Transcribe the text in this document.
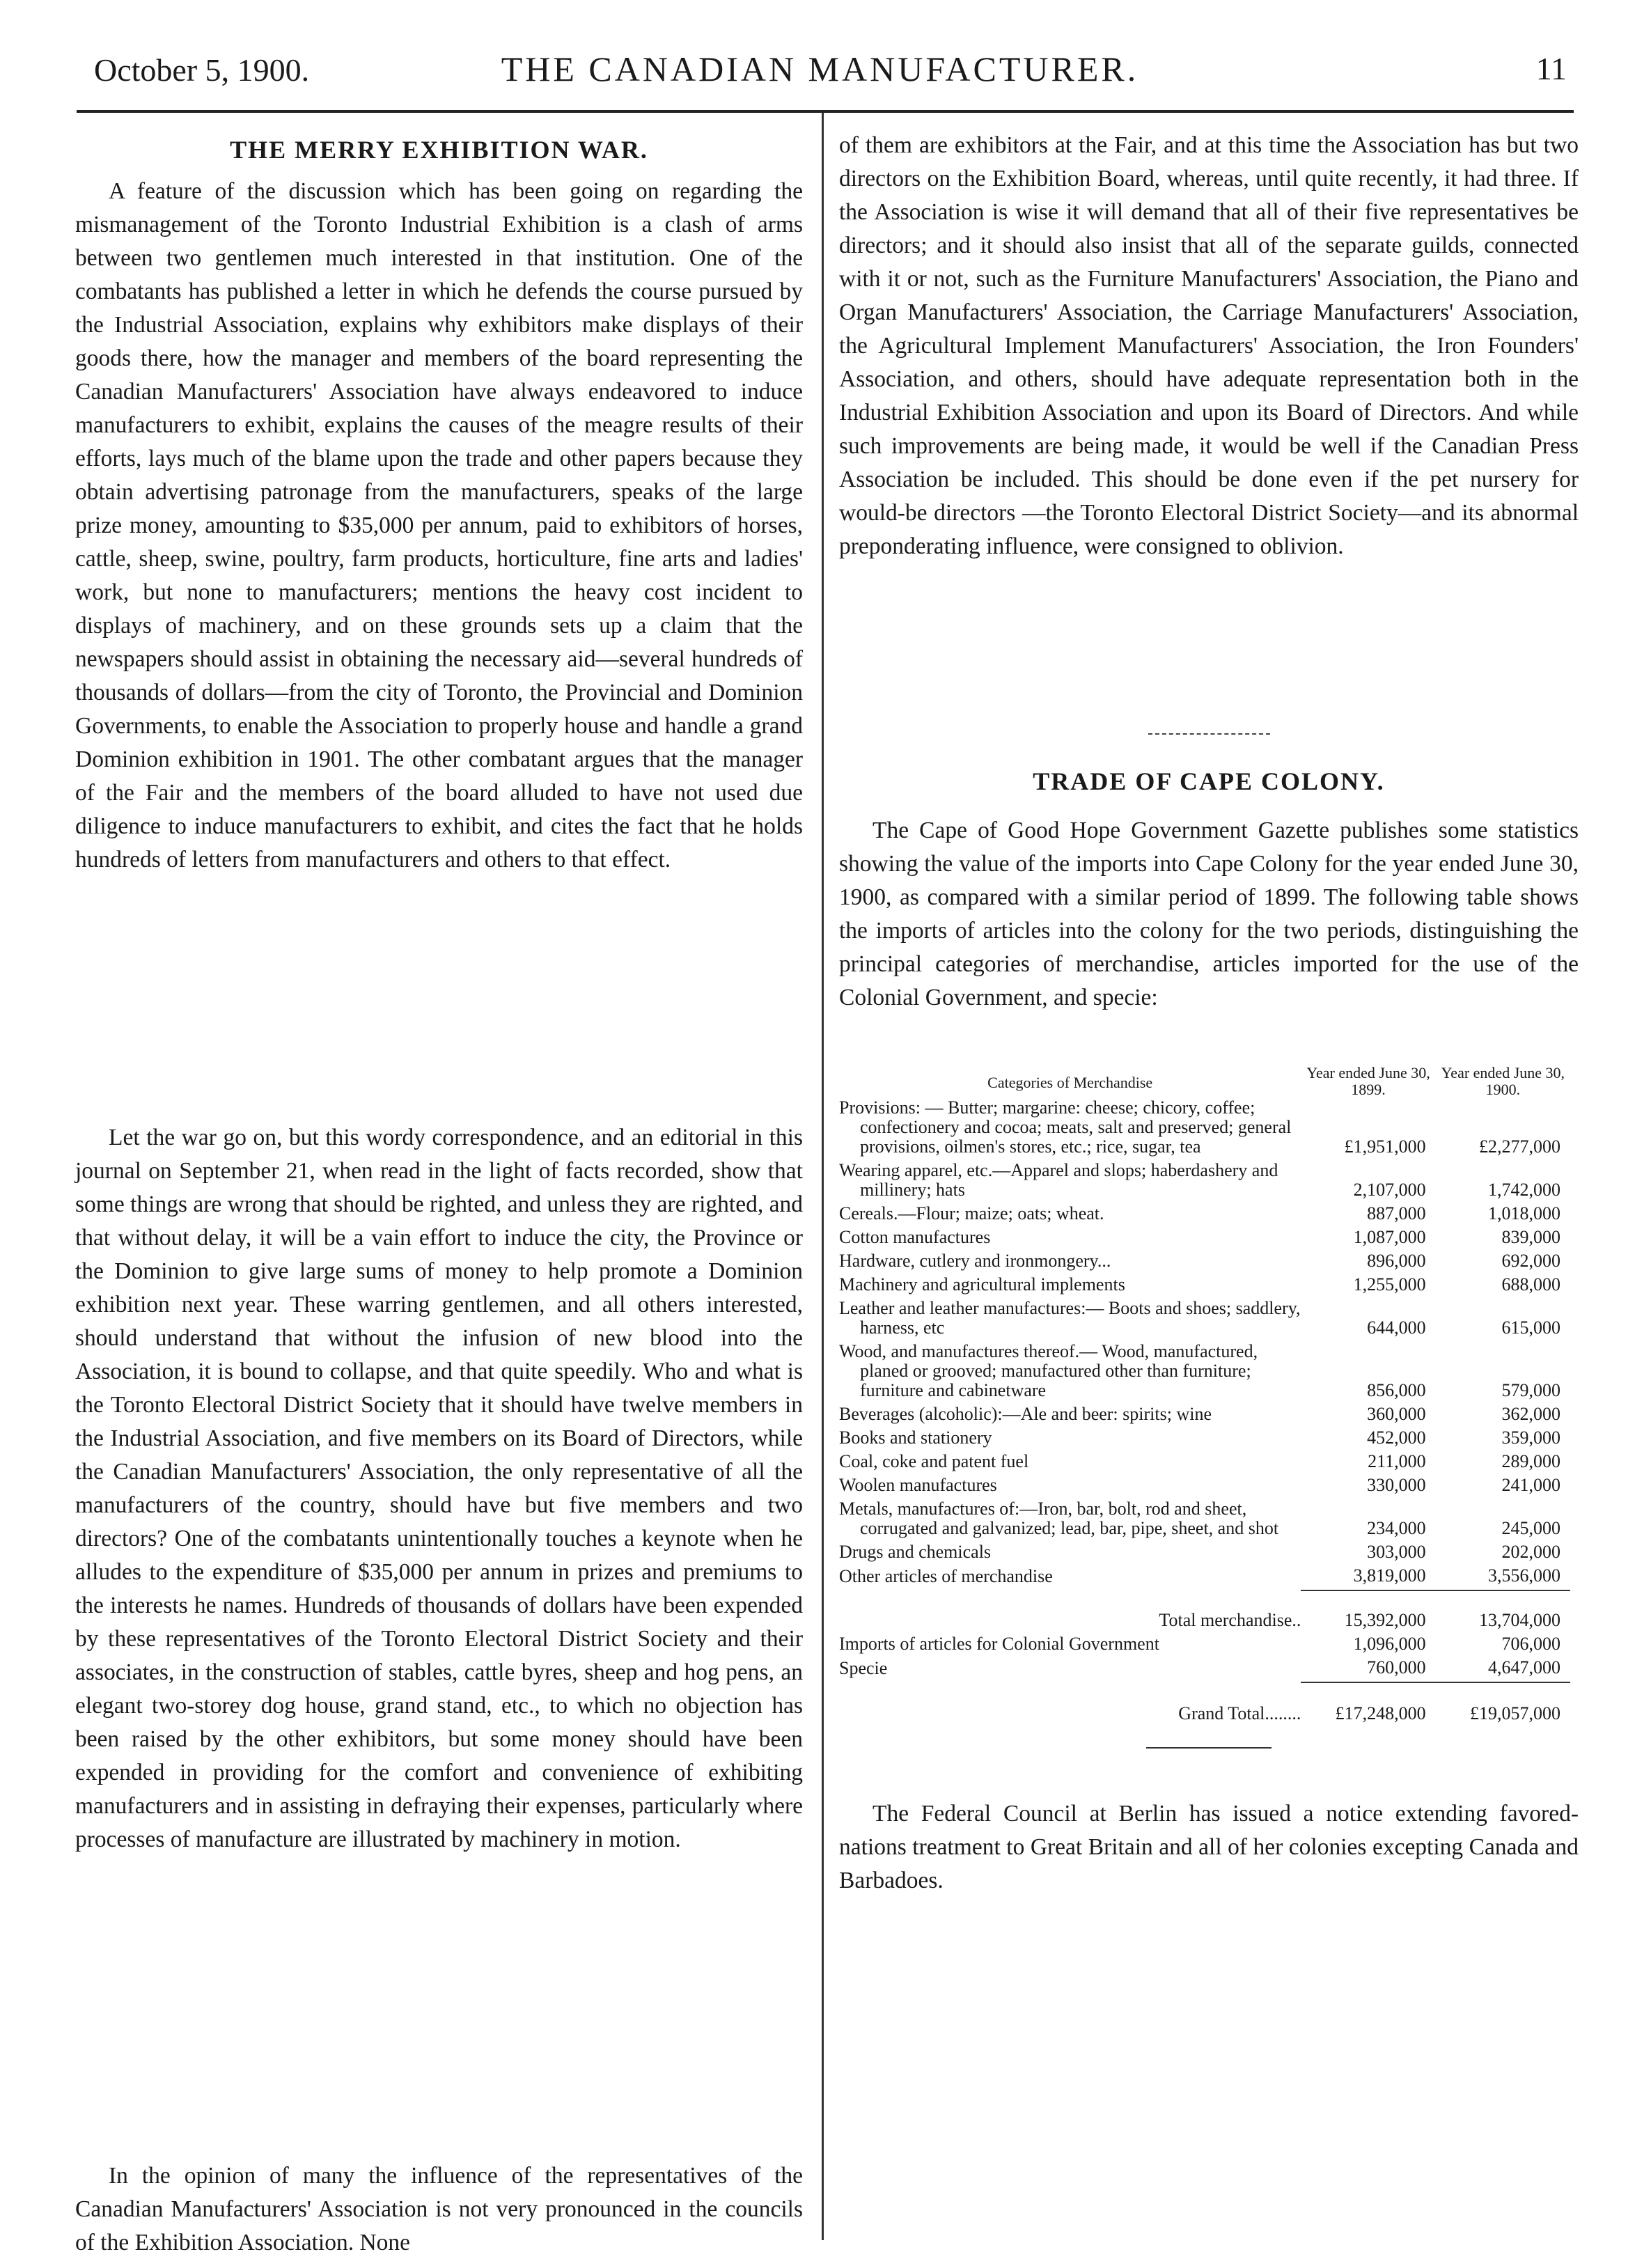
October 5, 1900.	THE CANADIAN MANUFACTURER.	11
THE MERRY EXHIBITION WAR.

A feature of the discussion which has been going on regarding the mismanagement of the Toronto Industrial Exhibition is a clash of arms between two gentlemen much interested in that institution. One of the combatants has published a letter in which he defends the course pursued by the Industrial Association, explains why exhibitors make displays of their goods there, how the manager and members of the board representing the Canadian Manufacturers' Association have always endeavored to induce manufacturers to exhibit, explains the causes of the meagre results of their efforts, lays much of the blame upon the trade and other papers because they obtain advertising patronage from the manufacturers, speaks of the large prize money, amounting to $35,000 per annum, paid to exhibitors of horses, cattle, sheep, swine, poultry, farm products, horticulture, fine arts and ladies' work, but none to manufacturers; mentions the heavy cost incident to displays of machinery, and on these grounds sets up a claim that the newspapers should assist in obtaining the necessary aid—several hundreds of thousands of dollars—from the city of Toronto, the Provincial and Dominion Governments, to enable the Association to properly house and handle a grand Dominion exhibition in 1901. The other combatant argues that the manager of the Fair and the members of the board alluded to have not used due diligence to induce manufacturers to exhibit, and cites the fact that he holds hundreds of letters from manufacturers and others to that effect.

Let the war go on, but this wordy correspondence, and an editorial in this journal on September 21, when read in the light of facts recorded, show that some things are wrong that should be righted, and unless they are righted, and that without delay, it will be a vain effort to induce the city, the Province or the Dominion to give large sums of money to help promote a Dominion exhibition next year. These warring gentlemen, and all others interested, should understand that without the infusion of new blood into the Association, it is bound to collapse, and that quite speedily. Who and what is the Toronto Electoral District Society that it should have twelve members in the Industrial Association, and five members on its Board of Directors, while the Canadian Manufacturers' Association, the only representative of all the manufacturers of the country, should have but five members and two directors? One of the combatants unintentionally touches a keynote when he alludes to the expenditure of $35,000 per annum in prizes and premiums to the interests he names. Hundreds of thousands of dollars have been expended by these representatives of the Toronto Electoral District Society and their associates, in the construction of stables, cattle byres, sheep and hog pens, an elegant two-storey dog house, grand stand, etc., to which no objection has been raised by the other exhibitors, but some money should have been expended in providing for the comfort and convenience of exhibiting manufacturers and in assisting in defraying their expenses, particularly where processes of manufacture are illustrated by machinery in motion.

In the opinion of many the influence of the representatives of the Canadian Manufacturers' Association is not very pronounced in the councils of the Exhibition Association. None

of them are exhibitors at the Fair, and at this time the Association has but two directors on the Exhibition Board, whereas, until quite recently, it had three. If the Association is wise it will demand that all of their five representatives be directors; and it should also insist that all of the separate guilds, connected with it or not, such as the Furniture Manufacturers' Association, the Piano and Organ Manufacturers' Association, the Carriage Manufacturers' Association, the Agricultural Implement Manufacturers' Association, the Iron Founders' Association, and others, should have adequate representation both in the Industrial Exhibition Association and upon its Board of Directors. And while such improvements are being made, it would be well if the Canadian Press Association be included. This should be done even if the pet nursery for would-be directors —the Toronto Electoral District Society—and its abnormal preponderating influence, were consigned to oblivion.

TRADE OF CAPE COLONY.

The Cape of Good Hope Government Gazette publishes some statistics showing the value of the imports into Cape Colony for the year ended June 30, 1900, as compared with a similar period of 1899. The following table shows the imports of articles into the colony for the two periods, distinguishing the principal categories of merchandise, articles imported for the use of the Colonial Government, and specie:

Categories of Merchandise	Year ended June 30, 1899.	Year ended June 30, 1900.
Provisions: — Butter; margarine: cheese; chicory, coffee; confectionery and cocoa; meats, salt and preserved; general provisions, oilmen's stores, etc.; rice, sugar, tea	£1,951,000	£2,277,000
Wearing apparel, etc.—Apparel and slops; haberdashery and millinery; hats	2,107,000	1,742,000
Cereals.—Flour; maize; oats; wheat.	887,000	1,018,000
Cotton manufactures	1,087,000	839,000
Hardware, cutlery and ironmongery...	896,000	692,000
Machinery and agricultural implements	1,255,000	688,000
Leather and leather manufactures:— Boots and shoes; saddlery, harness, etc	644,000	615,000
Wood, and manufactures thereof.— Wood, manufactured, planed or grooved; manufactured other than furniture; furniture and cabinetware	856,000	579,000
Beverages (alcoholic):—Ale and beer: spirits; wine	360,000	362,000
Books and stationery	452,000	359,000
Coal, coke and patent fuel	211,000	289,000
Woolen manufactures	330,000	241,000
Metals, manufactures of:—Iron, bar, bolt, rod and sheet, corrugated and galvanized; lead, bar, pipe, sheet, and shot	234,000	245,000
Drugs and chemicals	303,000	202,000
Other articles of merchandise	3,819,000	3,556,000
Total merchandise..	15,392,000	13,704,000
Imports of articles for Colonial Government	1,096,000	706,000
Specie	760,000	4,647,000
Grand Total........	£17,248,000	£19,057,000

The Federal Council at Berlin has issued a notice extending favored-nations treatment to Great Britain and all of her colonies excepting Canada and Barbadoes.
